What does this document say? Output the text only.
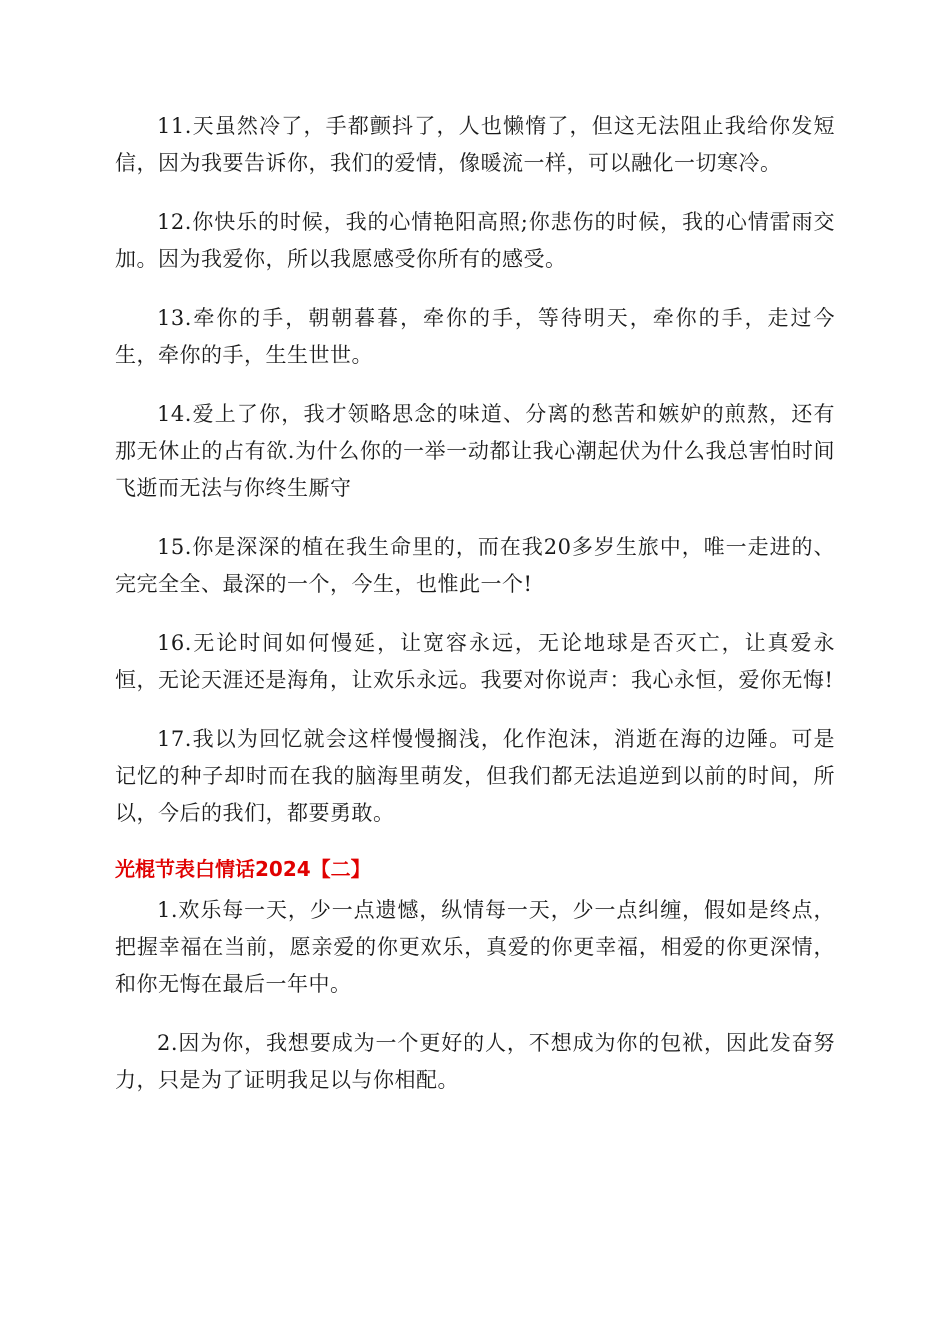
11.天虽然冷了，手都颤抖了，人也懒惰了，但这无法阻止我给你发短信，因为我要告诉你，我们的爱情，像暖流一样，可以融化一切寒冷。

12.你快乐的时候，我的心情艳阳高照;你悲伤的时候，我的心情雷雨交加。因为我爱你，所以我愿感受你所有的感受。

13.牵你的手，朝朝暮暮，牵你的手，等待明天，牵你的手，走过今生，牵你的手，生生世世。

14.爱上了你，我才领略思念的味道、分离的愁苦和嫉妒的煎熬，还有那无休止的占有欲.为什么你的一举一动都让我心潮起伏为什么我总害怕时间飞逝而无法与你终生厮守

15.你是深深的植在我生命里的，而在我20多岁生旅中，唯一走进的、完完全全、最深的一个，今生，也惟此一个!

16.无论时间如何慢延，让宽容永远，无论地球是否灭亡，让真爱永恒，无论天涯还是海角，让欢乐永远。我要对你说声：我心永恒，爱你无悔!

17.我以为回忆就会这样慢慢搁浅，化作泡沫，消逝在海的边陲。可是记忆的种子却时而在我的脑海里萌发，但我们都无法追逆到以前的时间，所以，今后的我们，都要勇敢。

光棍节表白情话2024【二】

1.欢乐每一天，少一点遗憾，纵情每一天，少一点纠缠，假如是终点，把握幸福在当前，愿亲爱的你更欢乐，真爱的你更幸福，相爱的你更深情，和你无悔在最后一年中。

2.因为你，我想要成为一个更好的人，不想成为你的包袱，因此发奋努力，只是为了证明我足以与你相配。
